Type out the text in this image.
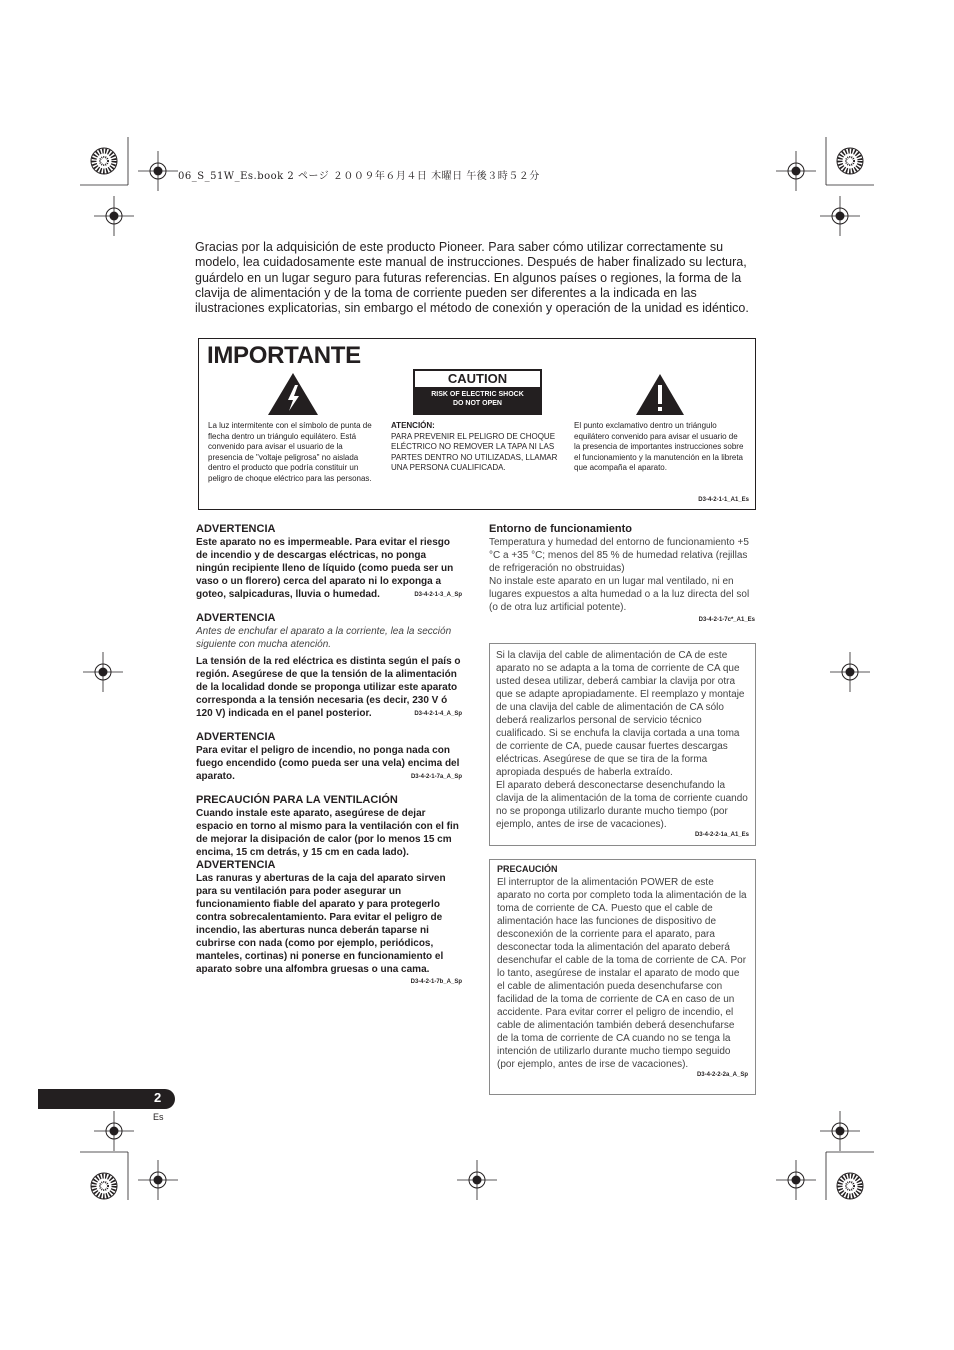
06_S_51W_Es.book 2 ページ ２００９年６月４日 木曜日 午後３時５２分

Gracias por la adquisición de este producto Pioneer. Para saber cómo utilizar correctamente su modelo, lea cuidadosamente este manual de instrucciones. Después de haber finalizado su lectura, guárdelo en un lugar seguro para futuras referencias. En algunos países o regiones, la forma de la clavija de alimentación y de la toma de corriente pueden ser diferentes a la indicada en las ilustraciones explicatorias, sin embargo el método de conexión y operación de la unidad es idéntico.

IMPORTANTE
CAUTION
RISK OF ELECTRIC SHOCK
DO NOT OPEN
La luz intermitente con el símbolo de punta de flecha dentro un triángulo equilátero. Está convenido para avisar el usuario de la presencia de "voltaje peligrosa" no aislada dentro el producto que podría constituir un peligro de choque eléctrico para las personas.
ATENCIÓN:
PARA PREVENIR EL PELIGRO DE CHOQUE ELÉCTRICO NO REMOVER LA TAPA NI LAS PARTES DENTRO NO UTILIZADAS, LLAMAR UNA PERSONA CUALIFICADA.
El punto exclamativo dentro un triángulo equilátero convenido para avisar el usuario de la presencia de importantes instrucciones sobre el funcionamiento y la manutención en la libreta que acompaña el aparato.
D3-4-2-1-1_A1_Es
ADVERTENCIA
Este aparato no es impermeable. Para evitar el riesgo de incendio y de descargas eléctricas, no ponga ningún recipiente lleno de líquido (como pueda ser un vaso o un florero) cerca del aparato ni lo exponga a goteo, salpicaduras, lluvia o humedad.	D3-4-2-1-3_A_Sp
ADVERTENCIA
Antes de enchufar el aparato a la corriente, lea la sección siguiente con mucha atención.
La tensión de la red eléctrica es distinta según el país o región. Asegúrese de que la tensión de la alimentación de la localidad donde se proponga utilizar este aparato corresponda a la tensión necesaria (es decir, 230 V ó 120 V) indicada en el panel posterior.	D3-4-2-1-4_A_Sp
ADVERTENCIA
Para evitar el peligro de incendio, no ponga nada con fuego encendido (como pueda ser una vela) encima del aparato.	D3-4-2-1-7a_A_Sp
PRECAUCIÓN PARA LA VENTILACIÓN
Cuando instale este aparato, asegúrese de dejar espacio en torno al mismo para la ventilación con el fin de mejorar la disipación de calor (por lo menos 15 cm encima, 15 cm detrás, y 15 cm en cada lado).
ADVERTENCIA
Las ranuras y aberturas de la caja del aparato sirven para su ventilación para poder asegurar un funcionamiento fiable del aparato y para protegerlo contra sobrecalentamiento. Para evitar el peligro de incendio, las aberturas nunca deberán taparse ni cubrirse con nada (como por ejemplo, periódicos, manteles, cortinas) ni ponerse en funcionamiento el aparato sobre una alfombra gruesas o una cama.
D3-4-2-1-7b_A_Sp
Entorno de funcionamiento
Temperatura y humedad del entorno de funcionamiento +5 °C a +35 °C; menos del 85 % de humedad relativa (rejillas de refrigeración no obstruidas)
No instale este aparato en un lugar mal ventilado, ni en lugares expuestos a alta humedad o a la luz directa del sol (o de otra luz artificial potente).
D3-4-2-1-7c*_A1_Es
Si la clavija del cable de alimentación de CA de este aparato no se adapta a la toma de corriente de CA que usted desea utilizar, deberá cambiar la clavija por otra que se adapte apropiadamente. El reemplazo y montaje de una clavija del cable de alimentación de CA sólo deberá realizarlos personal de servicio técnico cualificado. Si se enchufa la clavija cortada a una toma de corriente de CA, puede causar fuertes descargas eléctricas. Asegúrese de que se tira de la forma apropiada después de haberla extraído.
El aparato deberá desconectarse desenchufando la clavija de la alimentación de la toma de corriente cuando no se proponga utilizarlo durante mucho tiempo (por ejemplo, antes de irse de vacaciones).
D3-4-2-2-1a_A1_Es
PRECAUCIÓN
El interruptor de la alimentación POWER de este aparato no corta por completo toda la alimentación de la toma de corriente de CA. Puesto que el cable de alimentación hace las funciones de dispositivo de desconexión de la corriente para el aparato, para desconectar toda la alimentación del aparato deberá desenchufar el cable de la toma de corriente de CA. Por lo tanto, asegúrese de instalar el aparato de modo que el cable de alimentación pueda desenchufarse con facilidad de la toma de corriente de CA en caso de un accidente. Para evitar correr el peligro de incendio, el cable de alimentación también deberá desenchufarse de la toma de corriente de CA cuando no se tenga la intención de utilizarlo durante mucho tiempo seguido (por ejemplo, antes de irse de vacaciones).
D3-4-2-2-2a_A_Sp
2
Es
